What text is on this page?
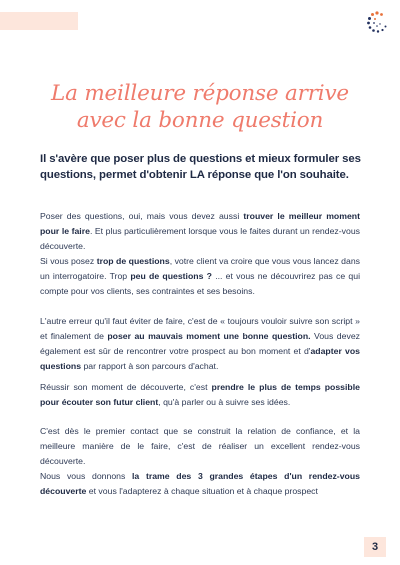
La meilleure réponse arrive
avec la bonne question
Il s'avère que poser plus de questions et mieux formuler ses questions, permet d'obtenir LA réponse que l'on souhaite.
Poser des questions, oui, mais vous devez aussi trouver le meilleur moment pour le faire. Et plus particulièrement lorsque vous le faites durant un rendez-vous découverte.
Si vous posez trop de questions, votre client va croire que vous vous lancez dans un interrogatoire. Trop peu de questions ? ... et vous ne découvrirez pas ce qui compte pour vos clients, ses contraintes et ses besoins.
L'autre erreur qu'il faut éviter de faire, c'est de « toujours vouloir suivre son script » et finalement de poser au mauvais moment une bonne question. Vous devez également est sûr de rencontrer votre prospect au bon moment et d'adapter vos questions par rapport à son parcours d'achat.
Réussir son moment de découverte, c'est prendre le plus de temps possible pour écouter son futur client, qu'à parler ou à suivre ses idées.
C'est dès le premier contact que se construit la relation de confiance, et la meilleure manière de le faire, c'est de réaliser un excellent rendez-vous découverte.
Nous vous donnons la trame des 3 grandes étapes d'un rendez-vous découverte et vous l'adapterez à chaque situation et à chaque prospect
3
